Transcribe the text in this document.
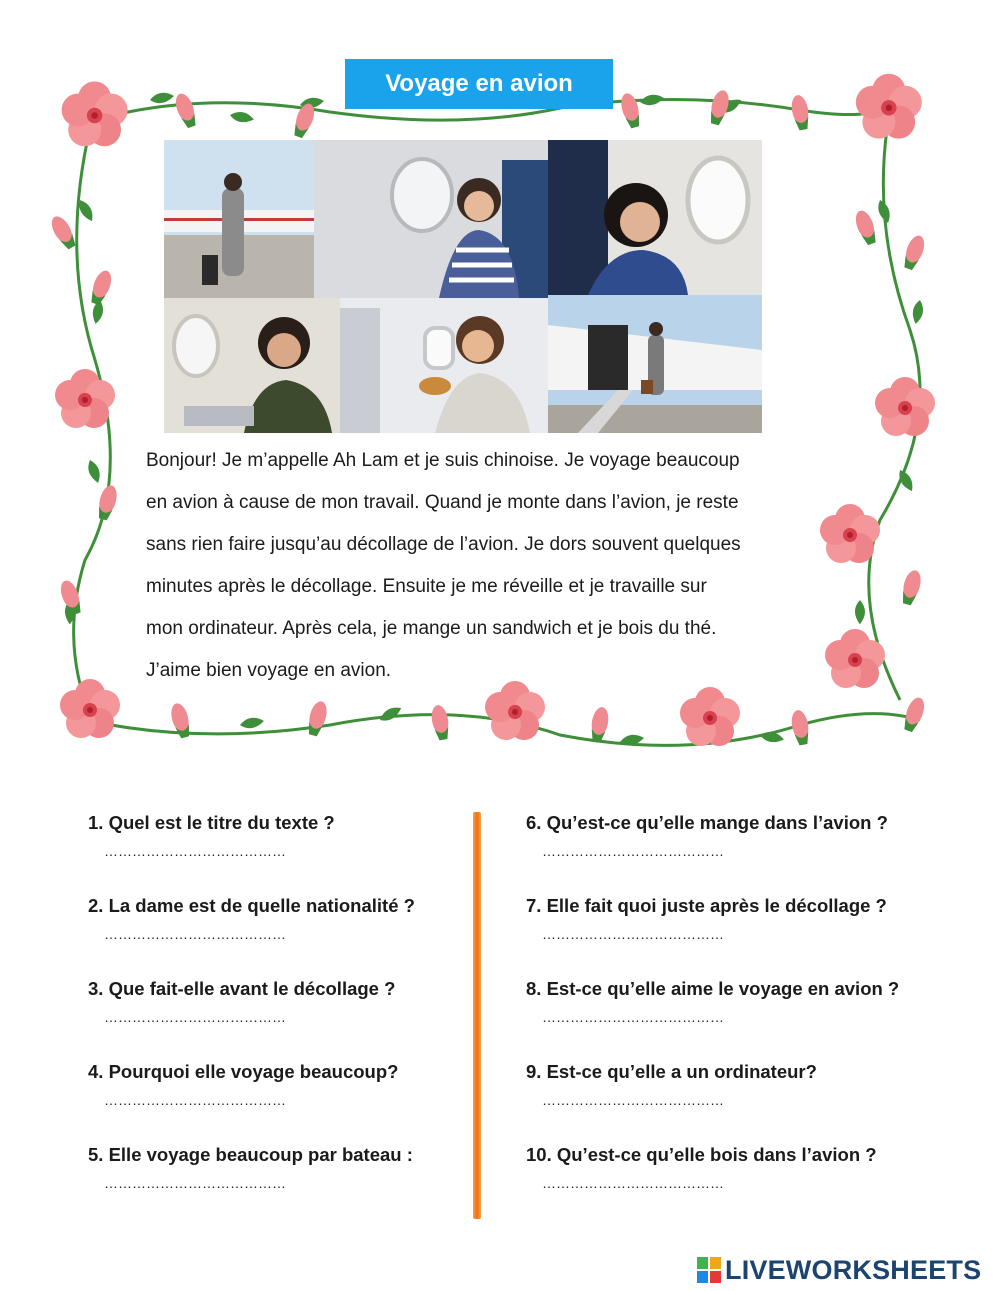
Voyage en avion

Bonjour! Je m’appelle Ah Lam et je suis chinoise. Je voyage beaucoup

en avion à cause de mon travail. Quand je monte dans l’avion, je reste

sans rien faire jusqu’au décollage de l’avion. Je dors souvent quelques

minutes après le décollage. Ensuite je me réveille et je travaille sur

mon ordinateur. Après cela, je mange un sandwich et je bois du thé.

J’aime bien voyage en avion.

1. Quel est le titre du texte ?
…………………………………
2. La dame est de quelle nationalité ?
…………………………………
3. Que fait-elle avant le décollage ?
…………………………………
4. Pourquoi elle voyage beaucoup?
…………………………………
5. Elle voyage beaucoup par bateau :
…………………………………
6. Qu’est-ce qu’elle mange dans l’avion ?
…………………………………
7. Elle fait quoi juste après le décollage ?
…………………………………
8. Est-ce qu’elle aime le voyage en avion ?
…………………………………
9. Est-ce qu’elle a un ordinateur?
…………………………………
10. Qu’est-ce qu’elle bois dans l’avion ?
…………………………………
LIVEWORKSHEETS
